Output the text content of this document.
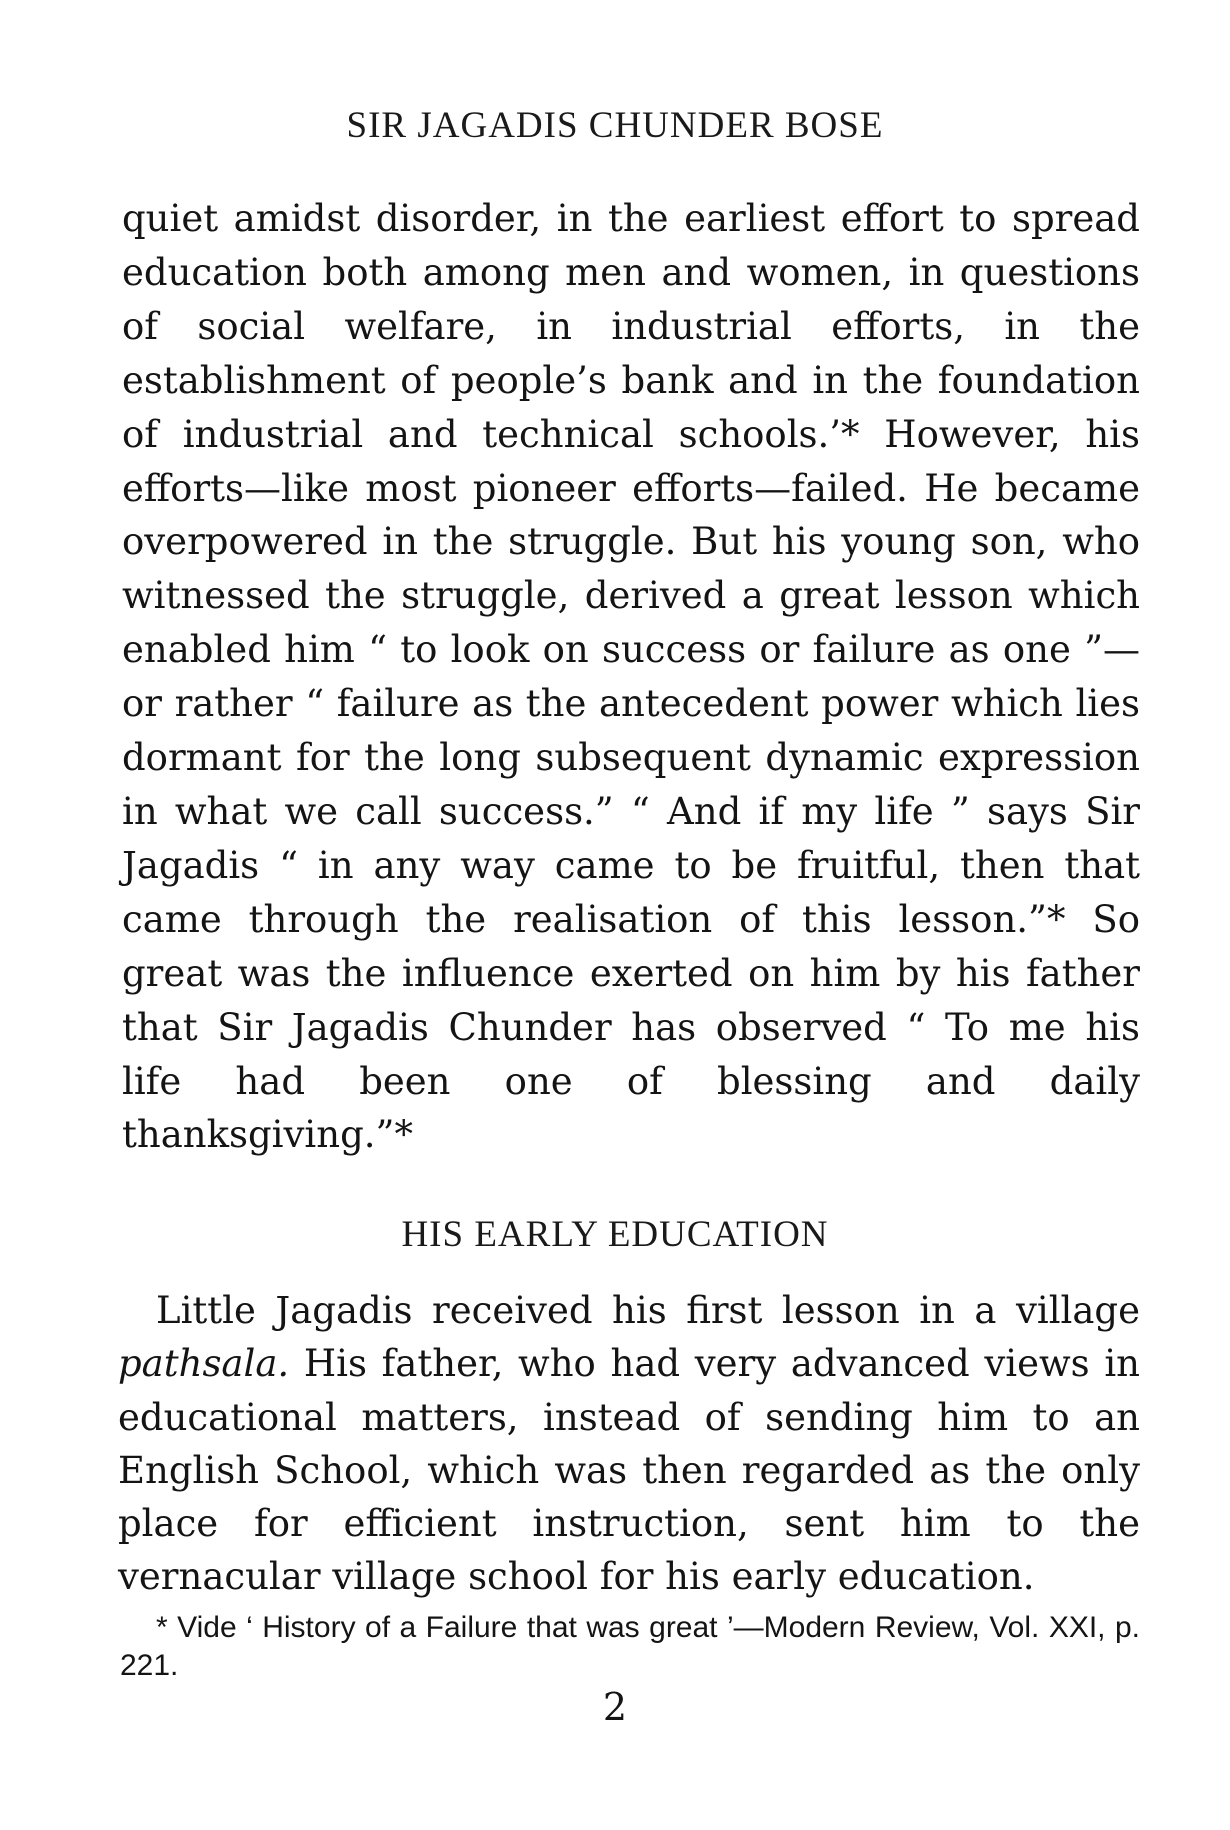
SIR JAGADIS CHUNDER BOSE

quiet amidst disorder, in the earliest effort to spread education both among men and women, in questions of social welfare, in industrial efforts, in the establishment of people’s bank and in the foundation of industrial and technical schools.’* However, his efforts—like most pioneer efforts—failed. He became overpowered in the struggle. But his young son, who witnessed the struggle, derived a great lesson which enabled him “ to look on success or failure as one ”—or rather “ failure as the antecedent power which lies dormant for the long subsequent dynamic expression in what we call success.” “ And if my life ” says Sir Jagadis “ in any way came to be fruitful, then that came through the realisation of this lesson.”* So great was the influence exerted on him by his father that Sir Jagadis Chunder has observed “ To me his life had been one of blessing and daily thanksgiving.”*

HIS EARLY EDUCATION

Little Jagadis received his first lesson in a village pathsala. His father, who had very advanced views in educational matters, instead of sending him to an English School, which was then regarded as the only place for efficient instruction, sent him to the vernacular village school for his early education.

* Vide ‘ History of a Failure that was great ’—Modern Review, Vol. XXI, p. 221.

2
